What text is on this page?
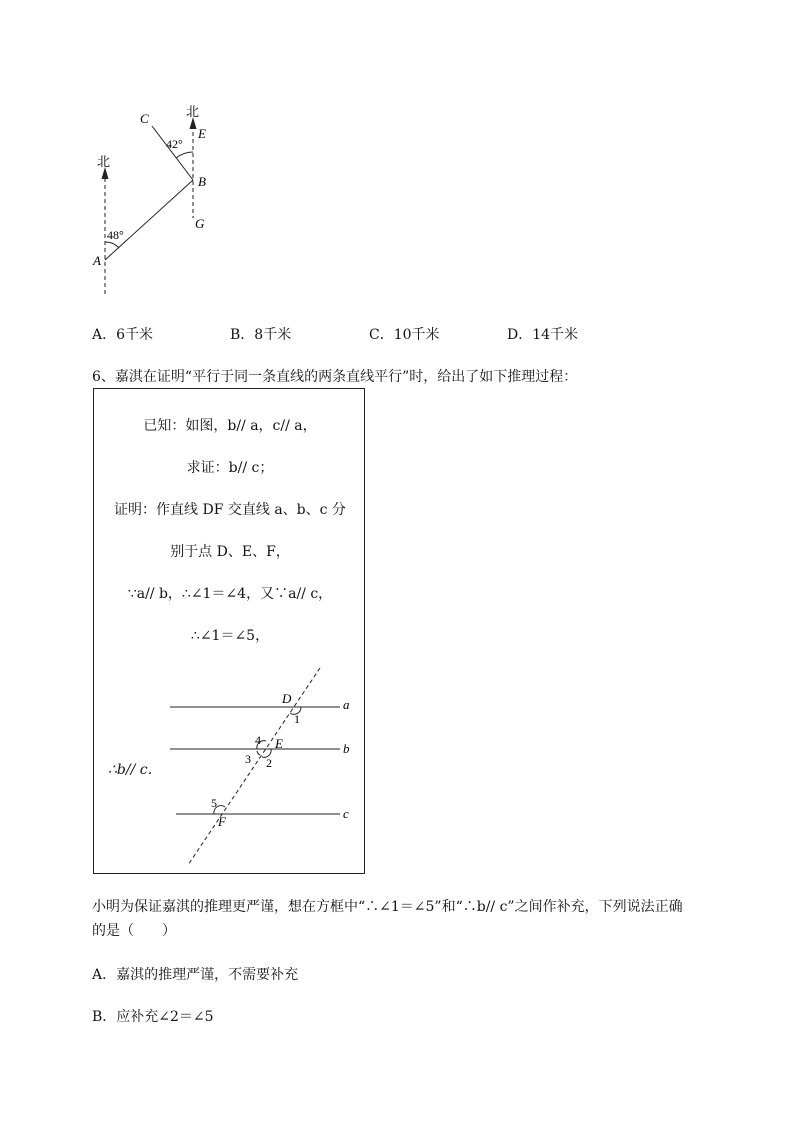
北
北
A
B
C
E
G
48°
42°
A．6千米	B．8千米	C．10千米	D．14千米
6、嘉淇在证明“平行于同一条直线的两条直线平行”时，给出了如下推理过程：
已知：如图，b// a，c// a，
求证：b// c；
证明：作直线 DF 交直线 a、b、c 分
别于点 D、E、F，
∵a// b，∴∠1＝∠4，又∵a// c，
∴∠1＝∠5，
∴b// c．
a
b
c
D
E
F
1
2
3
4
5
小明为保证嘉淇的推理更严谨，想在方框中“∴∠1＝∠5”和“∴b// c”之间作补充，下列说法正确
的是（　　）
A．嘉淇的推理严谨，不需要补充
B．应补充∠2＝∠5
